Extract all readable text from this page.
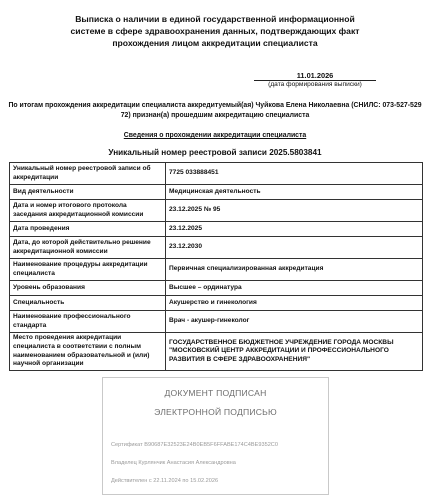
Выписка о наличии в единой государственной информационной
системе в сфере здравоохранения данных, подтверждающих факт
прохождения лицом аккредитации специалиста
11.01.2026
(дата формирования выписки)
По итогам прохождения аккредитации специалиста аккредитуемый(ая) Чуйкова Елена Николаевна (СНИЛС: 073-527-529
72) признан(а) прошедшим аккредитацию специалиста
Сведения о прохождении аккредитации специалиста
Уникальный номер реестровой записи 2025.5803841
Уникальный номер реестровой записи об аккредитации	7725 033888451
Вид деятельности	Медицинская деятельность
Дата и номер итогового протокола заседания аккредитационной комиссии	23.12.2025 № 95
Дата проведения	23.12.2025
Дата, до которой действительно решение аккредитационной комиссии	23.12.2030
Наименование процедуры аккредитации специалиста	Первичная специализированная аккредитация
Уровень образования	Высшее – ординатура
Специальность	Акушерство и гинекология
Наименование профессионального стандарта	Врач - акушер-гинеколог
Место проведения аккредитации специалиста в соответствии с полным наименованием образовательной и (или) научной организации	ГОСУДАРСТВЕННОЕ БЮДЖЕТНОЕ УЧРЕЖДЕНИЕ ГОРОДА МОСКВЫ "МОСКОВСКИЙ ЦЕНТР АККРЕДИТАЦИИ И ПРОФЕССИОНАЛЬНОГО РАЗВИТИЯ В СФЕРЕ ЗДРАВООХРАНЕНИЯ"
ДОКУМЕНТ ПОДПИСАН
ЭЛЕКТРОННОЙ ПОДПИСЬЮ
Сертификат B90687E32523E24B0EB5F6FFABE174C4BE9352C0
Владелец Курлянчик Анастасия Александровна
Действителен с 22.11.2024 по 15.02.2026
